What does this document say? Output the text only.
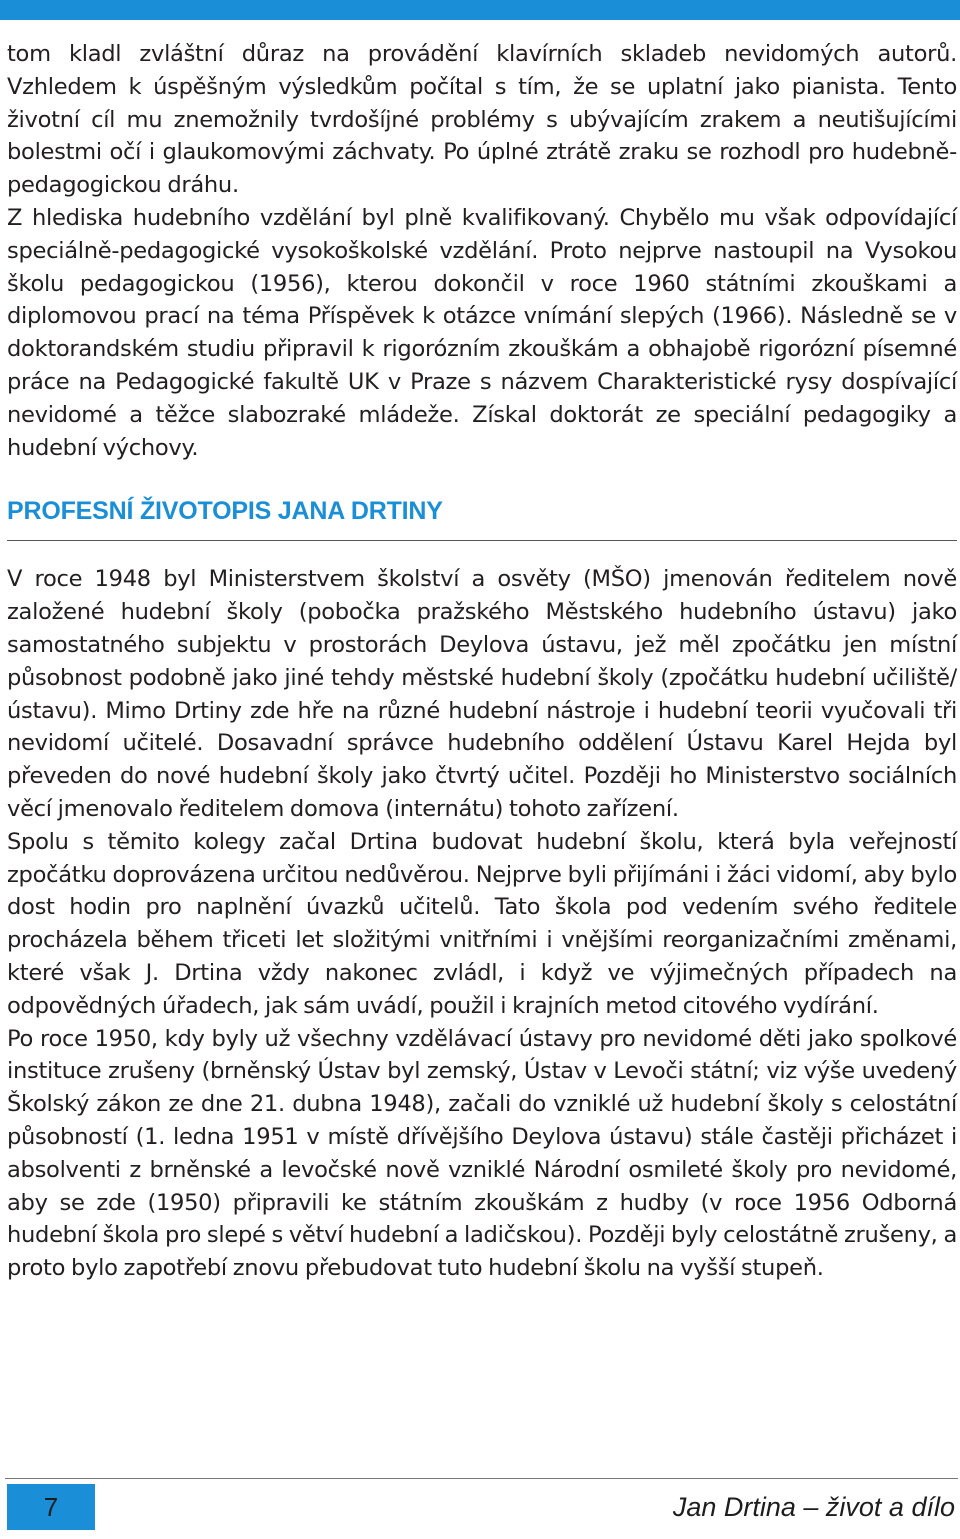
tom kladl zvláštní důraz na provádění klavírních skladeb nevidomých autorů. Vzhledem k úspěšným výsledkům počítal s tím, že se uplatní jako pianista. Tento životní cíl mu znemožnily tvrdošíjné problémy s ubývajícím zrakem a neutišujícími bolestmi očí i glaukomovými záchvaty. Po úplné ztrátě zraku se rozhodl pro hudebně-pedagogickou dráhu.

Z hlediska hudebního vzdělání byl plně kvalifikovaný. Chybělo mu však odpovídající speciálně-pedagogické vysokoškolské vzdělání. Proto nejprve nastoupil na Vysokou školu pedagogickou (1956), kterou dokončil v roce 1960 státními zkouškami a diplomovou prací na téma Příspěvek k otázce vnímání slepých (1966). Následně se v doktorandském studiu připravil k rigorózním zkouškám a obhajobě rigorózní písemné práce na Pedagogické fakultě UK v Praze s názvem Charakteristické rysy dospívající nevidomé a těžce slabozraké mládeže. Získal doktorát ze speciální pedagogiky a hudební výchovy.

PROFESNÍ ŽIVOTOPIS JANA DRTINY

V roce 1948 byl Ministerstvem školství a osvěty (MŠO) jmenován ředitelem nově založené hudební školy (pobočka pražského Městského hudebního ústavu) jako samostatného subjektu v prostorách Deylova ústavu, jež měl zpočátku jen místní působnost podobně jako jiné tehdy městské hudební školy (zpočátku hudební učiliště/ústavu). Mimo Drtiny zde hře na různé hudební nástroje i hudební teorii vyučovali tři nevidomí učitelé. Dosavadní správce hudebního oddělení Ústavu Karel Hejda byl převeden do nové hudební školy jako čtvrtý učitel. Později ho Ministerstvo sociálních věcí jmenovalo ředitelem domova (internátu) tohoto zařízení.

Spolu s těmito kolegy začal Drtina budovat hudební školu, která byla veřejností zpočátku doprovázena určitou nedůvěrou. Nejprve byli přijímáni i žáci vidomí, aby bylo dost hodin pro naplnění úvazků učitelů. Tato škola pod vedením svého ředitele procházela během třiceti let složitými vnitřními i vnějšími reorganizačními změnami, které však J. Drtina vždy nakonec zvládl, i když ve výjimečných případech na odpovědných úřadech, jak sám uvádí, použil i krajních metod citového vydírání.

Po roce 1950, kdy byly už všechny vzdělávací ústavy pro nevidomé děti jako spolkové instituce zrušeny (brněnský Ústav byl zemský, Ústav v Levoči státní; viz výše uvedený Školský zákon ze dne 21. dubna 1948), začali do vzniklé už hudební školy s celostátní působností (1. ledna 1951 v místě dřívějšího Deylova ústavu) stále častěji přicházet i absolventi z brněnské a levočské nově vzniklé Národní osmileté školy pro nevidomé, aby se zde (1950) připravili ke státním zkouškám z hudby (v roce 1956 Odborná hudební škola pro slepé s větví hudební a ladičskou). Později byly celostátně zrušeny, a proto bylo zapotřebí znovu přebudovat tuto hudební školu na vyšší stupeň.

7	Jan Drtina – život a dílo
